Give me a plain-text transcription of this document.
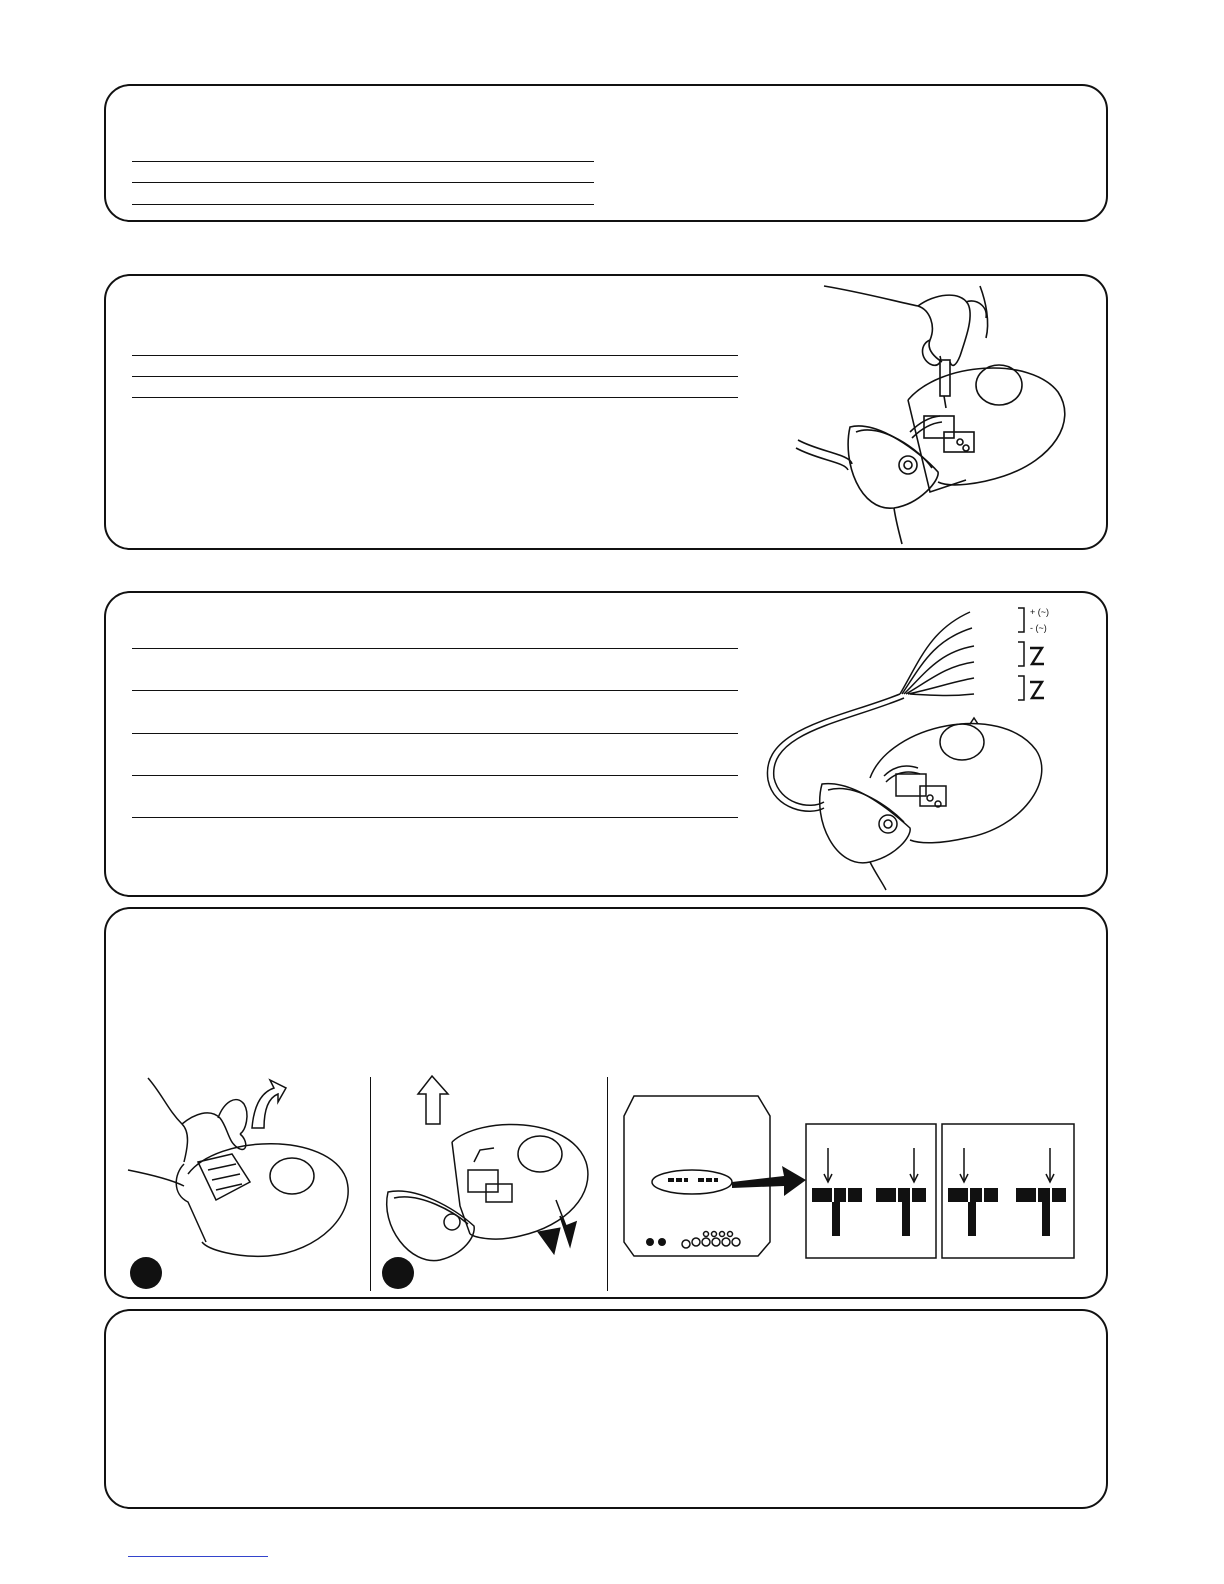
+ (~)
- (~)
